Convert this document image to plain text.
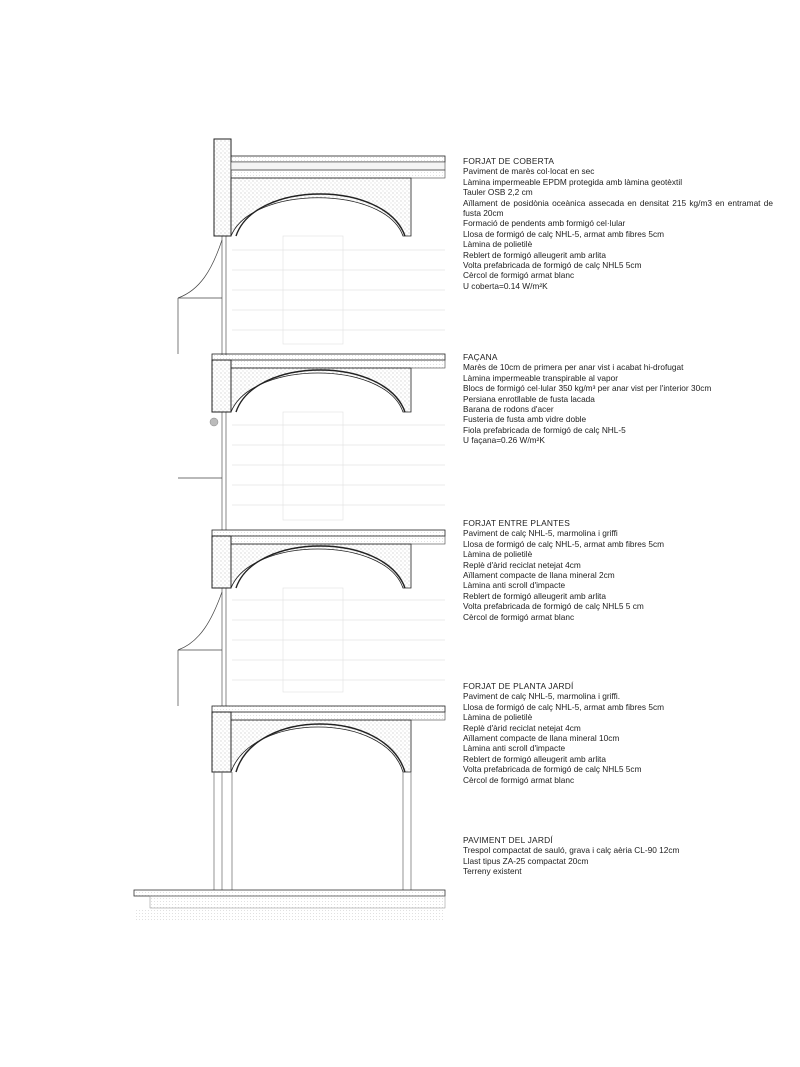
FORJAT DE COBERTA
Paviment de marès col·locat en sec
Làmina impermeable EPDM protegida amb làmina geotèxtil
Tauler OSB 2,2 cm
Aïllament de posidònia oceànica assecada en densitat 215 kg/m3 en entramat de fusta 20cm
Formació de pendents amb formigó cel·lular
Llosa de formigó de calç NHL-5, armat amb fibres 5cm
Làmina de polietilè
Reblert de formigó alleugerit amb arlita
Volta prefabricada de formigó de calç NHL5 5cm
Cèrcol de formigó armat blanc
U coberta=0.14 W/m²K
FAÇANA
Marès de 10cm de primera per anar vist i acabat hi-drofugat
Làmina impermeable transpirable al vapor
Blocs de formigó cel·lular 350 kg/m³ per anar vist per l'interior 30cm
Persiana enrotllable de fusta lacada
Barana de rodons d'acer
Fusteria de fusta amb vidre doble
Fiola prefabricada de formigó de calç NHL-5
U façana=0.26 W/m²K
FORJAT ENTRE PLANTES
Paviment de calç NHL-5, marmolina i griffi
Llosa de formigó de calç NHL-5, armat amb fibres 5cm
Làmina de polietilè
Replè d'àrid reciclat netejat 4cm
Aïllament compacte de llana mineral 2cm
Làmina anti scroll d'impacte
Reblert de formigó alleugerit amb arlita
Volta prefabricada de formigó de calç NHL5 5 cm
Cèrcol de formigó armat blanc
FORJAT DE PLANTA JARDÍ
Paviment de calç NHL-5, marmolina i griffi.
Llosa de formigó de calç NHL-5, armat amb fibres 5cm
Làmina de polietilè
Replè d'àrid reciclat netejat 4cm
Aïllament compacte de llana mineral 10cm
Làmina anti scroll d'impacte
Reblert de formigó alleugerit amb arlita
Volta prefabricada de formigó de calç NHL5 5cm
Cèrcol de formigó armat blanc
PAVIMENT DEL JARDÍ
Trespol compactat de sauló, grava i calç aèria CL-90 12cm
Llast tipus ZA-25 compactat 20cm
Terreny existent
